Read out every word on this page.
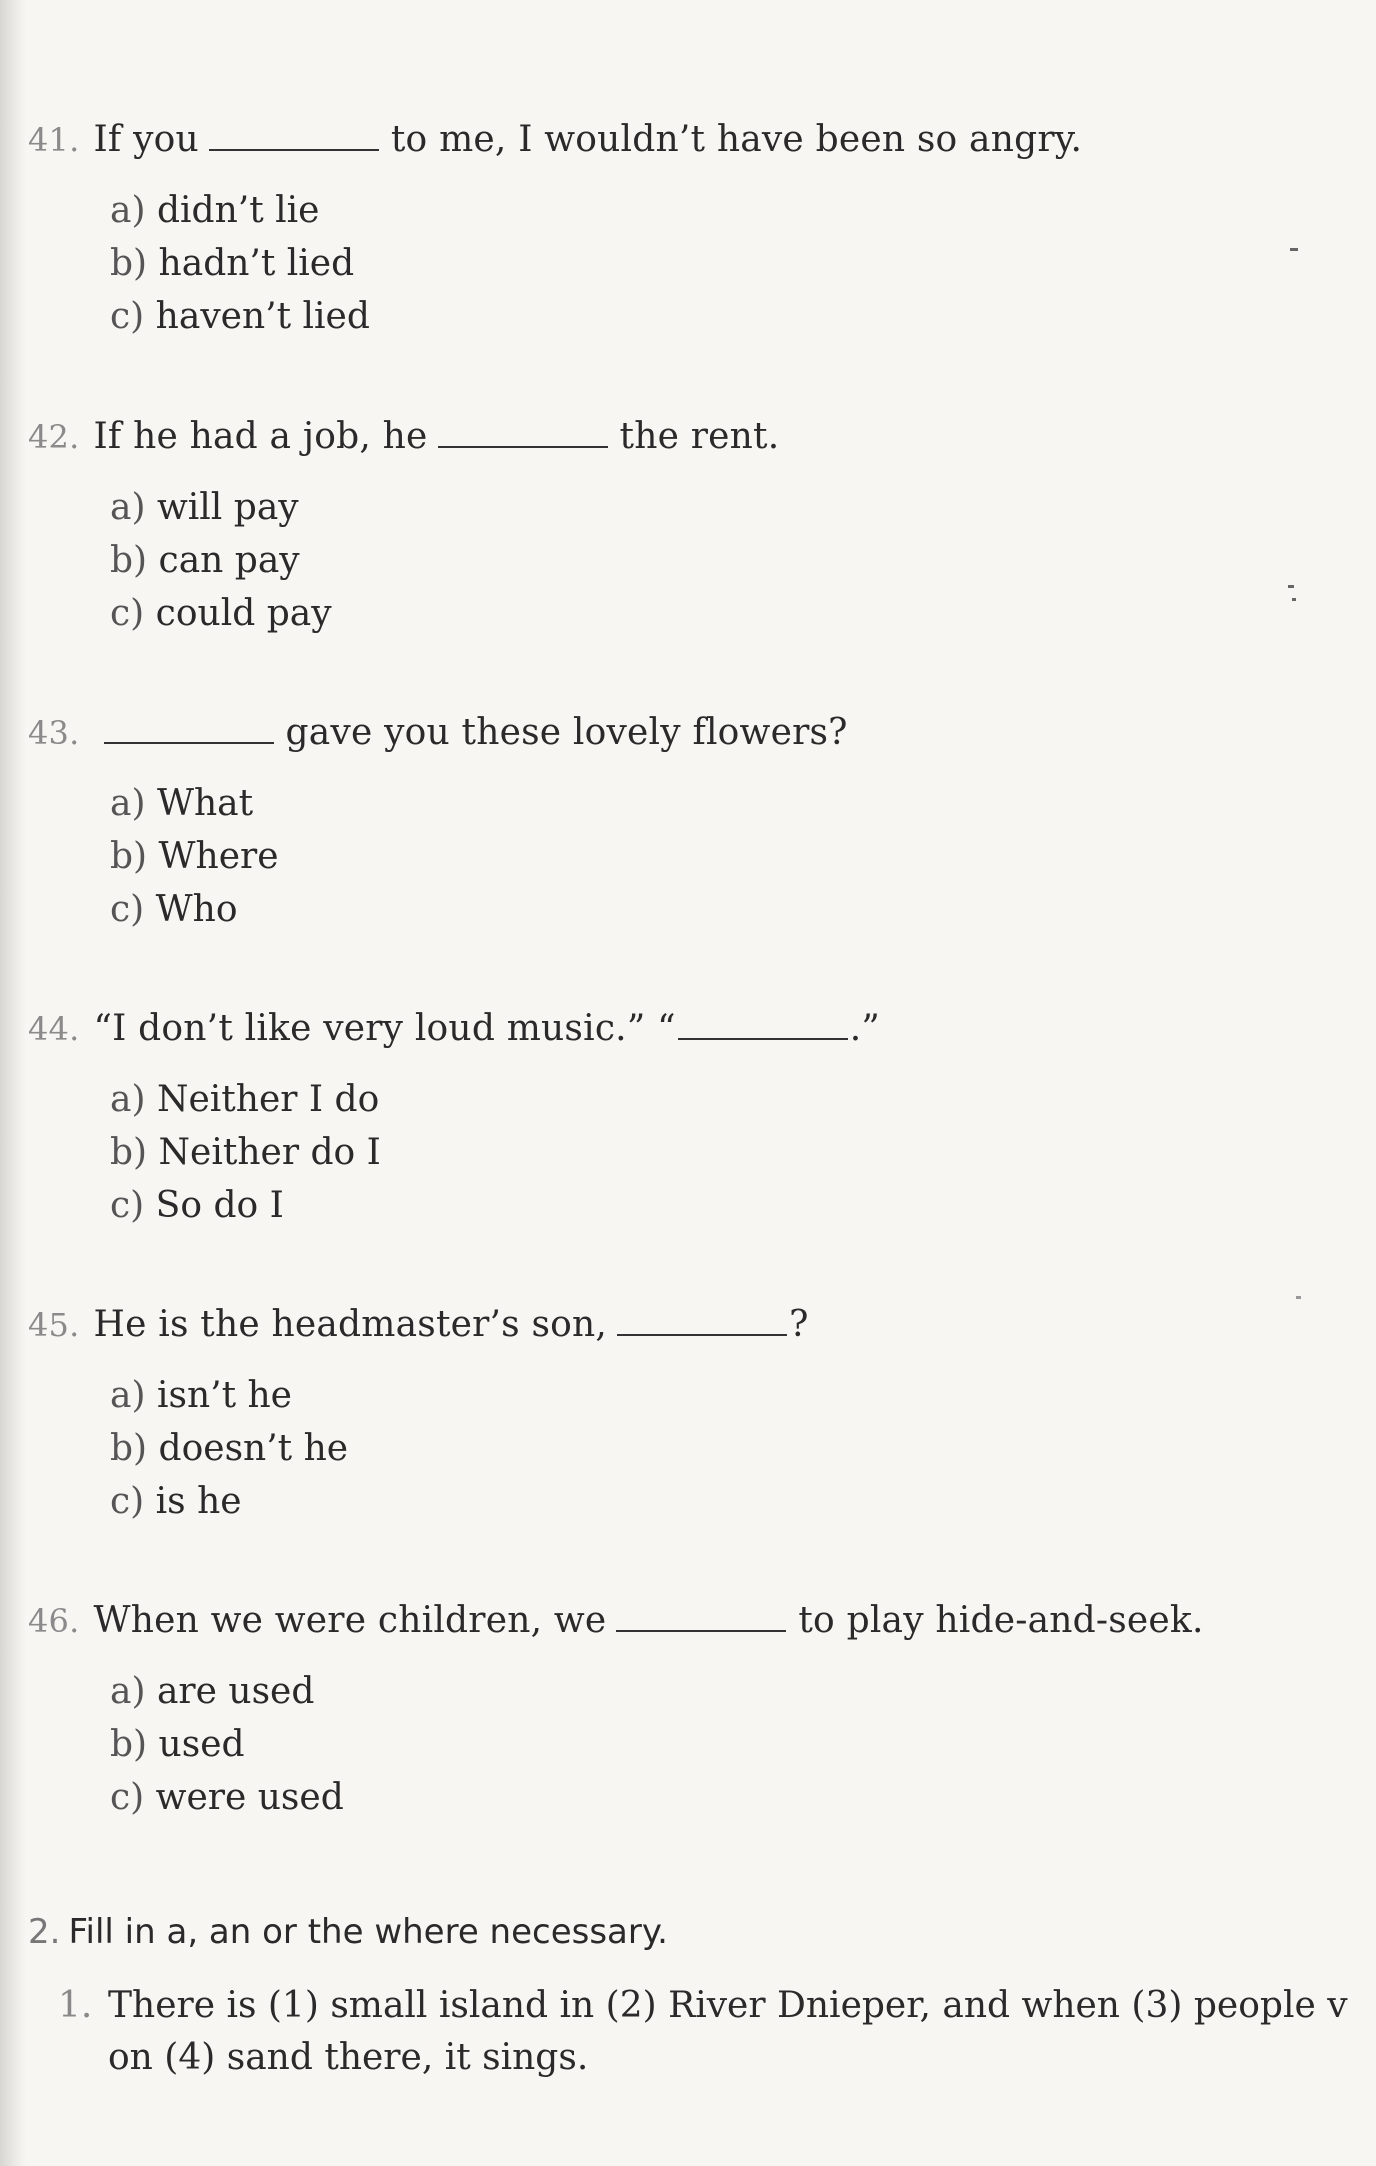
41. If you	to me, I wouldn’t have been so angry.
a) didn’t lie
b) hadn’t lied
c) haven’t lied
42. If he had a job, he	the rent.
a) will pay
b) can pay
c) could pay
43.	gave you these lovely flowers?
a) What
b) Where
c) Who
44. “I don’t like very loud music.” “	.”
a) Neither I do
b) Neither do I
c) So do I
45. He is the headmaster’s son,	?
a) isn’t he
b) doesn’t he
c) is he
46. When we were children, we	to play hide-and-seek.
a) are used
b) used
c) were used
2. Fill in a, an or the where necessary.
1. There is (1) small island in (2) River Dnieper, and when (3) people v
on (4) sand there, it sings.
